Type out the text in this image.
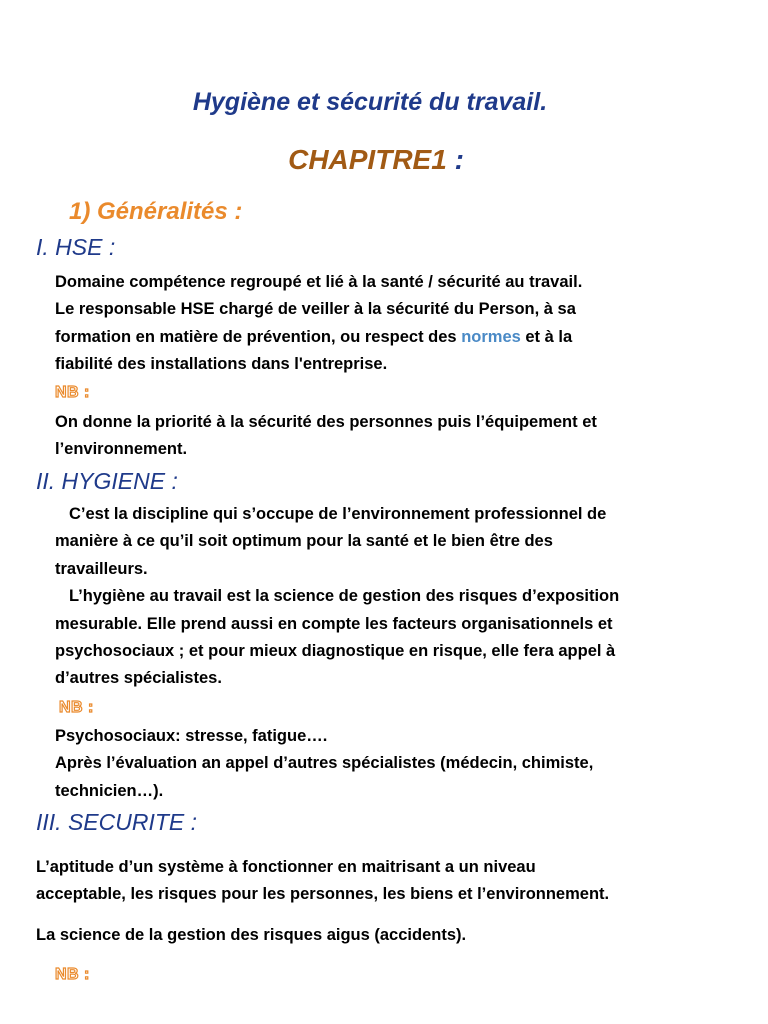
Hygiène et sécurité du travail.
CHAPITRE1 :
1) Généralités :
I. HSE :
Domaine compétence regroupé et lié à la santé / sécurité au travail.
Le responsable HSE chargé de veiller à la sécurité du Person, à sa
formation en matière de prévention, ou respect des normes et à la
fiabilité des installations dans l'entreprise.
NB :
On donne la priorité à la sécurité des personnes puis l’équipement et
l’environnement.
II. HYGIENE :
C’est la discipline qui s’occupe de l’environnement professionnel de
manière à ce qu’il soit optimum pour la santé et le bien être des
travailleurs.
L’hygiène au travail est la science de gestion des risques d’exposition
mesurable. Elle prend aussi en compte les facteurs organisationnels et
psychosociaux ; et pour mieux diagnostique en risque, elle fera appel à
d’autres spécialistes.
NB :
Psychosociaux: stresse, fatigue….
Après l’évaluation an appel d’autres spécialistes (médecin, chimiste,
technicien…).
III. SECURITE :
L’aptitude d’un système à fonctionner en maitrisant a un niveau
acceptable, les risques pour les personnes, les biens et l’environnement.
La science de la gestion des risques aigus (accidents).
NB :
